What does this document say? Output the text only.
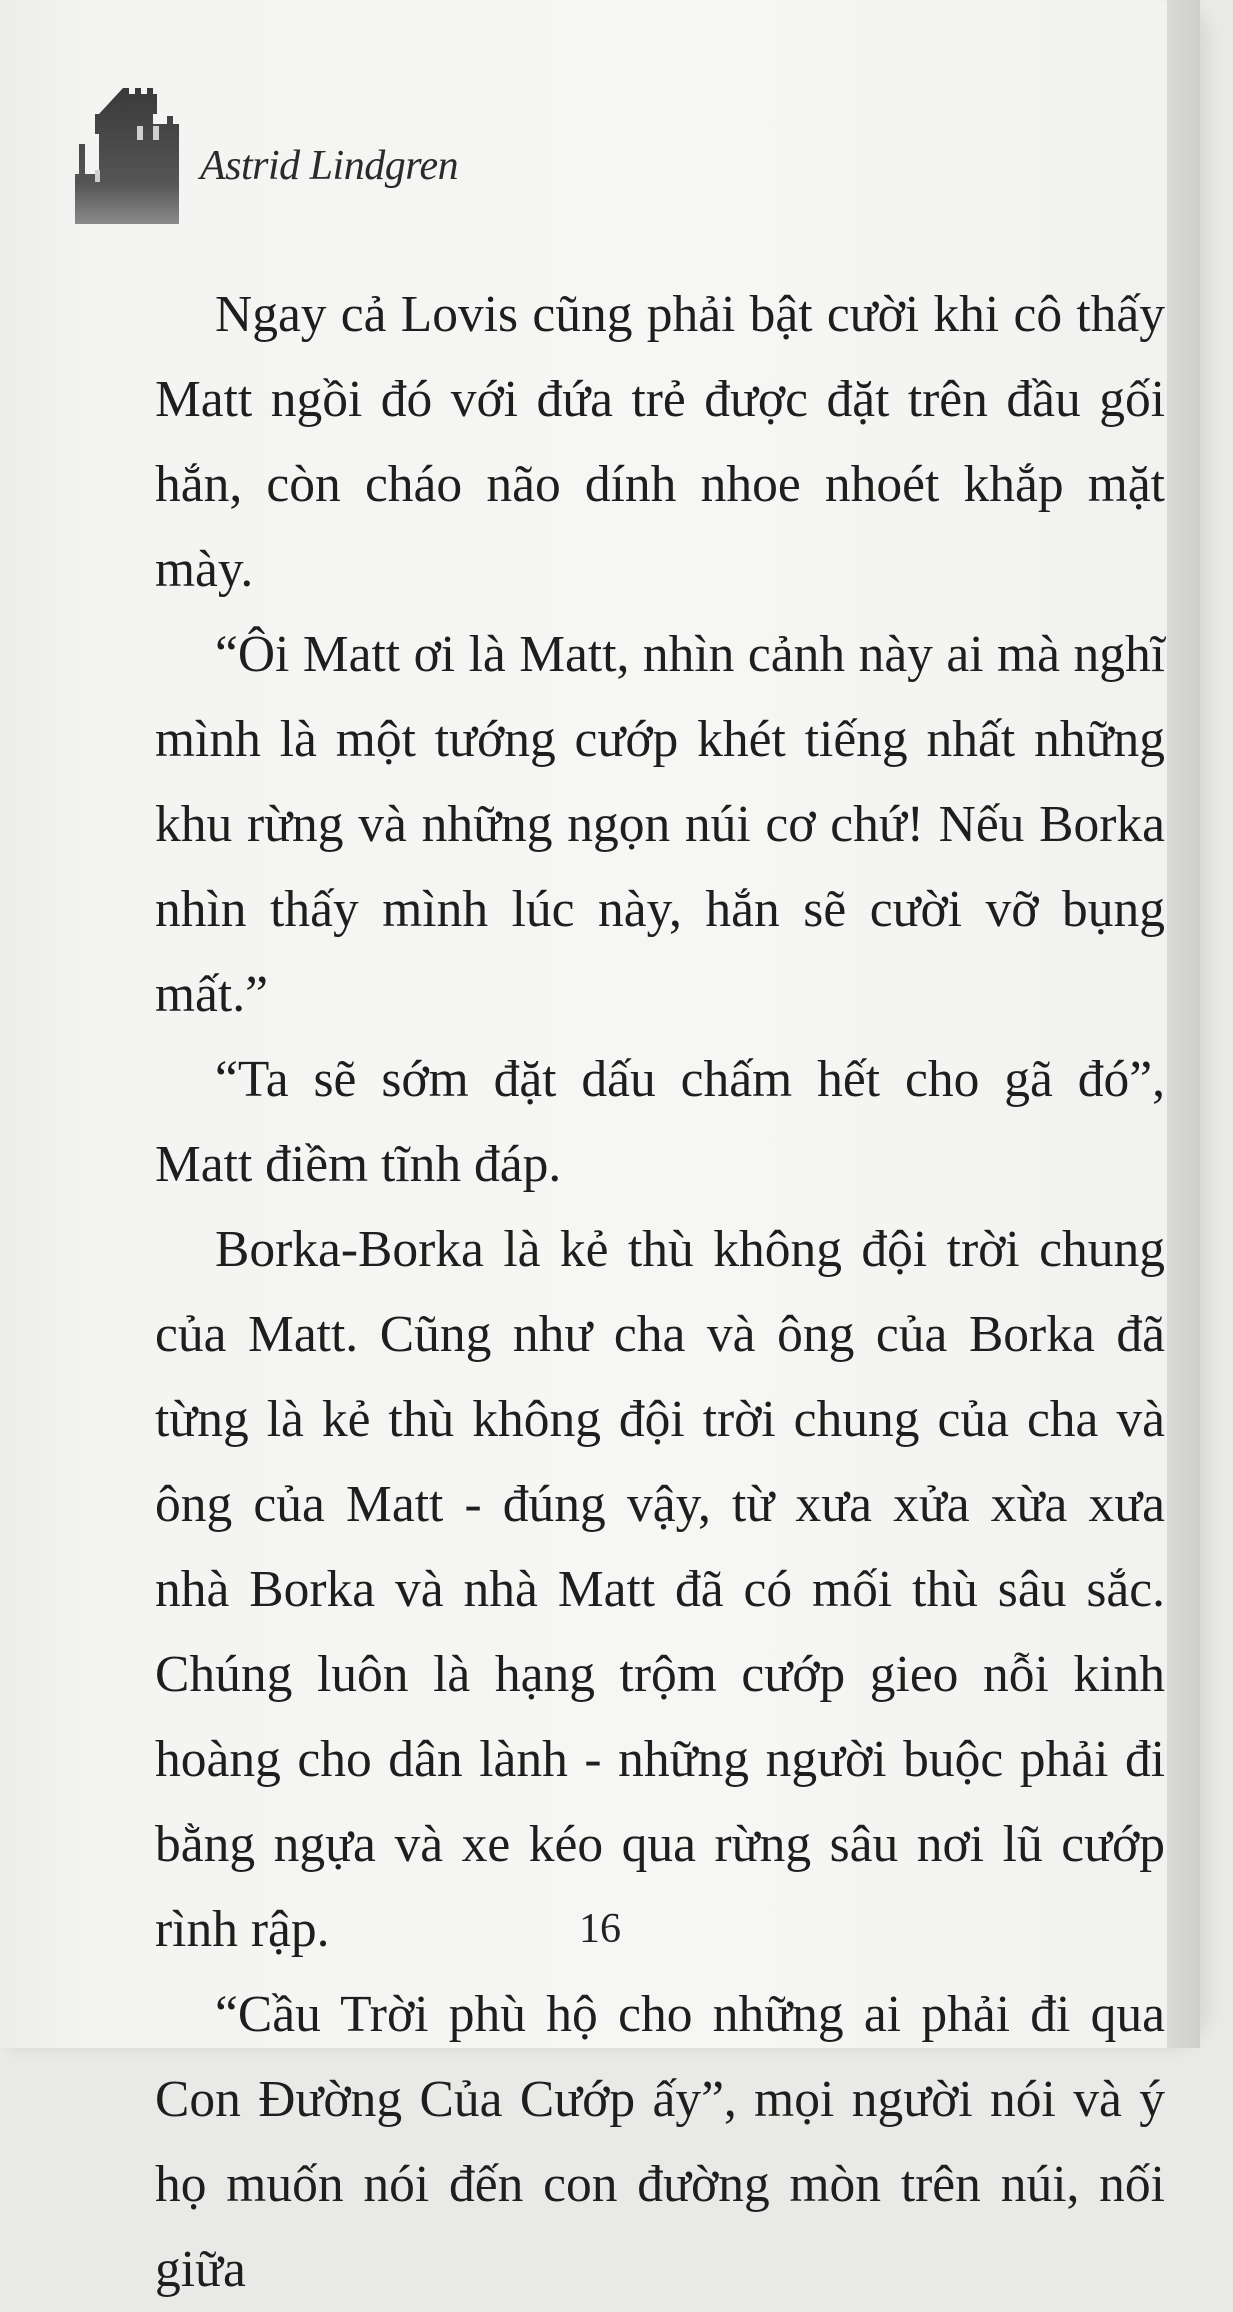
Astrid Lindgren

Ngay cả Lovis cũng phải bật cười khi cô thấy Matt ngồi đó với đứa trẻ được đặt trên đầu gối hắn, còn cháo não dính nhoe nhoét khắp mặt mày.

“Ôi Matt ơi là Matt, nhìn cảnh này ai mà nghĩ mình là một tướng cướp khét tiếng nhất những khu rừng và những ngọn núi cơ chứ! Nếu Borka nhìn thấy mình lúc này, hắn sẽ cười vỡ bụng mất.”

“Ta sẽ sớm đặt dấu chấm hết cho gã đó”, Matt điềm tĩnh đáp.

Borka-Borka là kẻ thù không đội trời chung của Matt. Cũng như cha và ông của Borka đã từng là kẻ thù không đội trời chung của cha và ông của Matt - đúng vậy, từ xưa xửa xừa xưa nhà Borka và nhà Matt đã có mối thù sâu sắc. Chúng luôn là hạng trộm cướp gieo nỗi kinh hoàng cho dân lành - những người buộc phải đi bằng ngựa và xe kéo qua rừng sâu nơi lũ cướp rình rập.

“Cầu Trời phù hộ cho những ai phải đi qua Con Đường Của Cướp ấy”, mọi người nói và ý họ muốn nói đến con đường mòn trên núi, nối giữa

16
